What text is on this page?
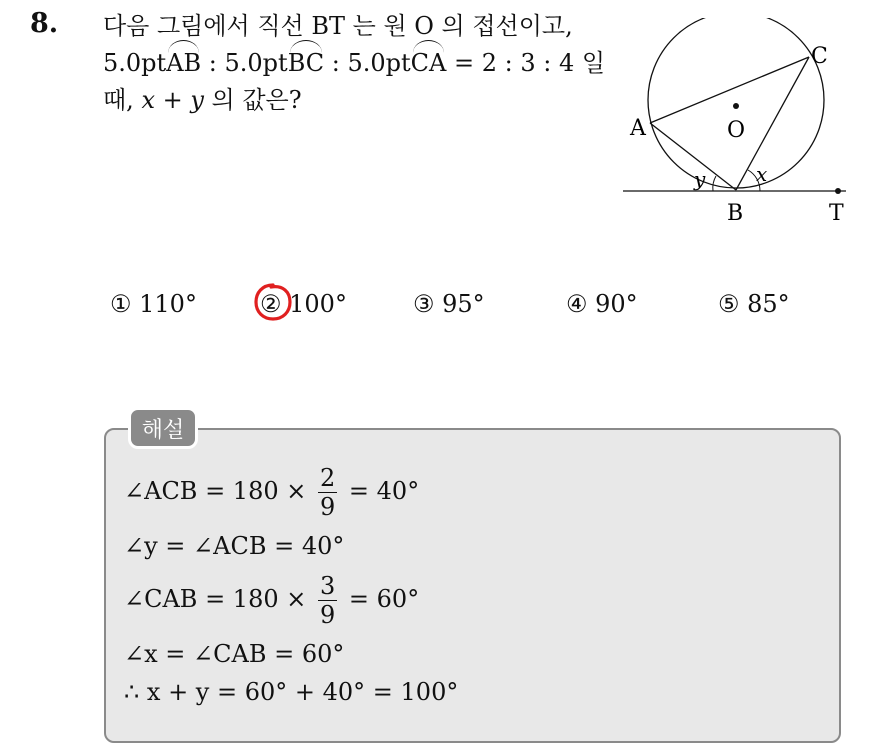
8. 다음 그림에서 직선 BT 는 원 O 의 접선이고,
5.0ptAB : 5.0ptBC : 5.0ptCA = 2 : 3 : 4 일
때, x + y 의 값은?
A
C
O
B	T
y	x
① 110°	② 100°	③ 95°	④ 90°	⑤ 85°
해설
∠ACB = $180 \times \frac{2}{9} = 40^\circ$
∠y = ∠ACB = 40°
∠CAB = $180 \times \frac{3}{9} = 60^\circ$
∠x = ∠CAB = 60°
∴ x + y = 60° + 40° = 100°
